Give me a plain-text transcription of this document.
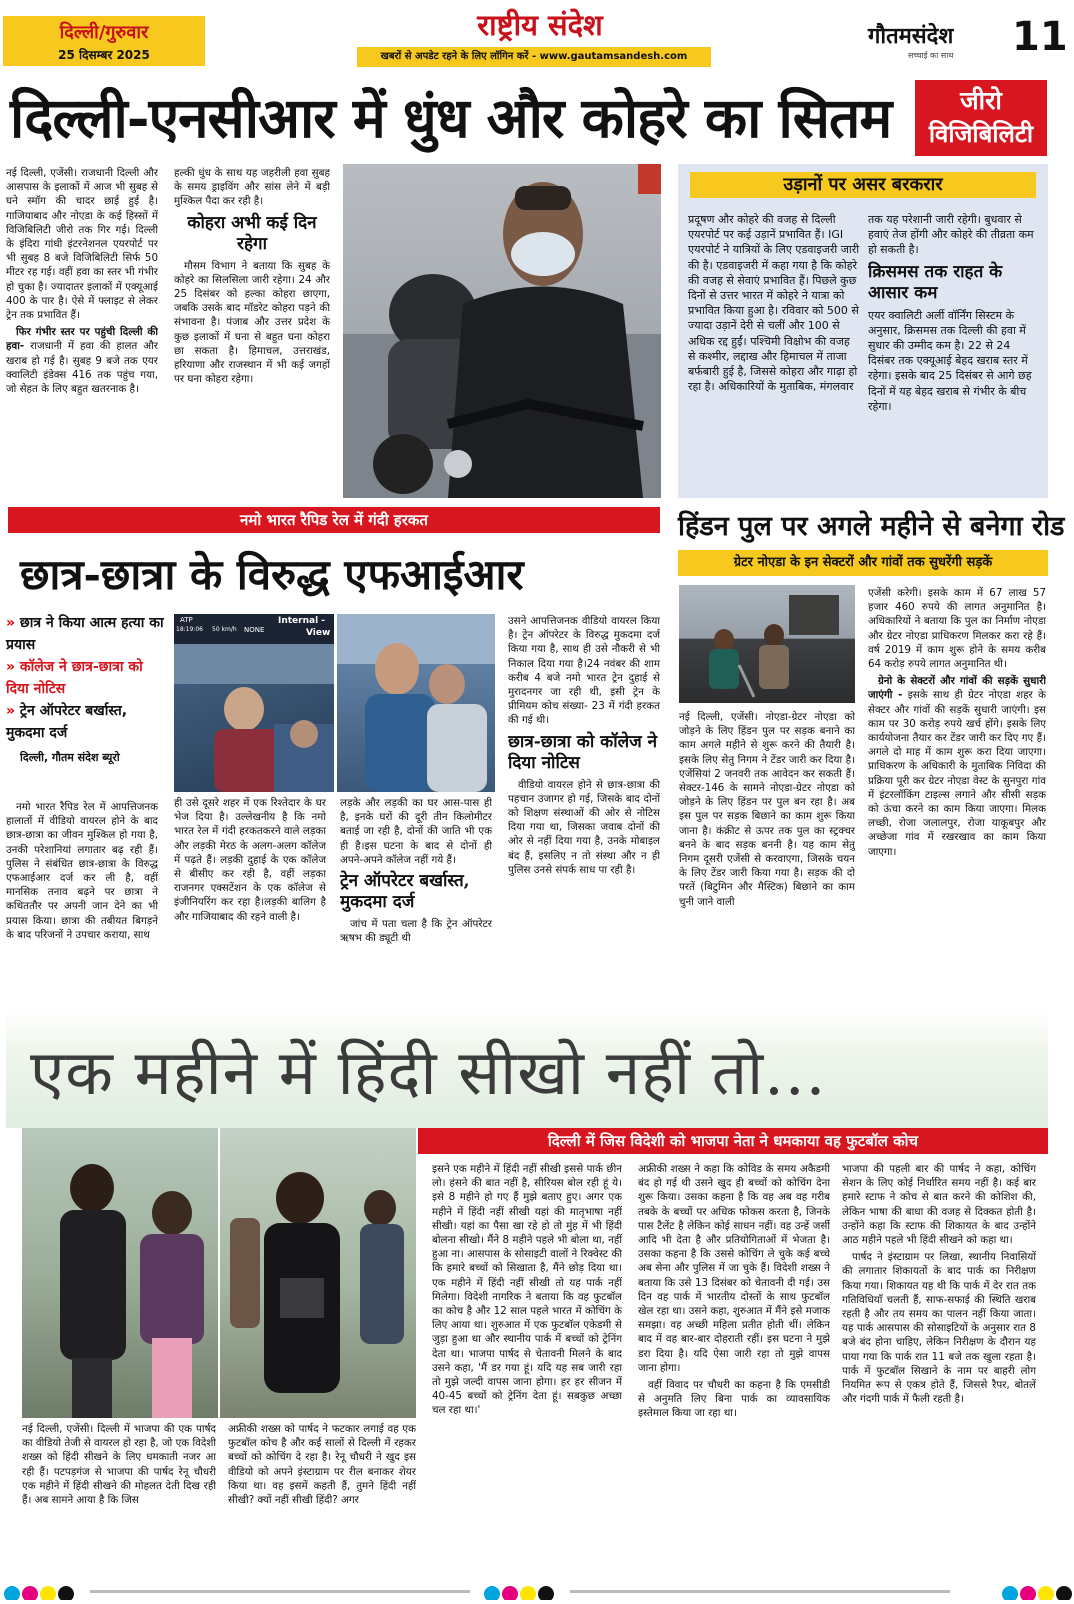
दिल्ली/गुरुवार
25 दिसम्बर 2025
राष्ट्रीय संदेश
खबरों से अपडेट रहने के लिए लॉगिन करें - www.gautamsandesh.com
गौतमसंदेश
सच्चाई का साथ	11
दिल्ली-एनसीआर में धुंध और कोहरे का सितम	जीरो
विजिबिलिटी

नई दिल्ली, एजेंसी। राजधानी दिल्ली और आसपास के इलाकों में आज भी सुबह से घने स्मॉग की चादर छाई हुई है। गाजियाबाद और नोएडा के कई हिस्सों में विजिबिलिटी जीरो तक गिर गई। दिल्ली के इंदिरा गांधी इंटरनेशनल एयरपोर्ट पर भी सुबह 8 बजे विजिबिलिटी सिर्फ 50 मीटर रह गई। वहीं हवा का स्तर भी गंभीर हो चुका है। ज्यादातर इलाकों में एक्यूआई 400 के पार है। ऐसे में फ्लाइट से लेकर ट्रेन तक प्रभावित हैं।

फिर गंभीर स्तर पर पहुंची दिल्ली की हवा- राजधानी में हवा की हालत और खराब हो गई है। सुबह 9 बजे तक एयर क्वालिटी इंडेक्स 416 तक पहुंच गया, जो सेहत के लिए बहुत खतरनाक है।

हल्की धुंध के साथ यह जहरीली हवा सुबह के समय ड्राइविंग और सांस लेने में बड़ी मुश्किल पैदा कर रही है।

कोहरा अभी कई दिन रहेगा

मौसम विभाग ने बताया कि सुबह के कोहरे का सिलसिला जारी रहेगा। 24 और 25 दिसंबर को हल्का कोहरा छाएगा, जबकि उसके बाद मॉडरेट कोहरा पड़ने की संभावना है। पंजाब और उत्तर प्रदेश के कुछ इलाकों में घना से बहुत घना कोहरा छा सकता है। हिमाचल, उत्तराखंड, हरियाणा और राजस्थान में भी कई जगहों पर घना कोहरा रहेगा।

उड़ानों पर असर बरकरार

प्रदूषण और कोहरे की वजह से दिल्ली एयरपोर्ट पर कई उड़ानें प्रभावित हैं। IGI एयरपोर्ट ने यात्रियों के लिए एडवाइजरी जारी की है। एडवाइजरी में कहा गया है कि कोहरे की वजह से सेवाएं प्रभावित हैं। पिछले कुछ दिनों से उत्तर भारत में कोहरे ने यात्रा को प्रभावित किया हुआ है। रविवार को 500 से ज्यादा उड़ानें देरी से चलीं और 100 से अधिक रद्द हुईं। पश्चिमी विक्षोभ की वजह से कश्मीर, लद्दाख और हिमाचल में ताजा बर्फबारी हुई है, जिससे कोहरा और गाढ़ा हो रहा है। अधिकारियों के मुताबिक, मंगलवार

तक यह परेशानी जारी रहेगी। बुधवार से हवाएं तेज होंगी और कोहरे की तीव्रता कम हो सकती है।

क्रिसमस तक राहत के आसार कम

एयर क्वालिटी अर्ली वॉर्निंग सिस्टम के अनुसार, क्रिसमस तक दिल्ली की हवा में सुधार की उम्मीद कम है। 22 से 24 दिसंबर तक एक्यूआई बेहद खराब स्तर में रहेगा। इसके बाद 25 दिसंबर से आगे छह दिनों में यह बेहद खराब से गंभीर के बीच रहेगा।

नमो भारत रैपिड रेल में गंदी हरकत
छात्र-छात्रा के विरुद्ध एफआईआर
» छात्र ने किया आत्म हत्या का प्रयास
» कॉलेज ने छात्र-छात्रा को दिया नोटिस
» ट्रेन ऑपरेटर बर्खास्त, मुकदमा दर्ज
दिल्ली, गौतम संदेश ब्यूरो
ATP
18:19:06 50 km/h NONE
Internal -
View

नमो भारत रैपिड रेल में आपत्तिजनक हालातों में वीडियो वायरल होने के बाद छात्र-छात्रा का जीवन मुश्किल हो गया है, उनकी परेशानियां लगातार बढ़ रही हैं।पुलिस ने संबंधित छात्र-छात्रा के विरुद्ध एफआईआर दर्ज कर ली है, वहीं मानसिक तनाव बढ़ने पर छात्रा ने कथिततौर पर अपनी जान देने का भी प्रयास किया। छात्रा की तबीयत बिगड़ने के बाद परिजनों ने उपचार कराया, साथ

ही उसे दूसरे शहर में एक रिश्तेदार के घर भेज दिया है। उल्लेखनीय है कि नमो भारत रेल में गंदी हरकतकरने वाले लड़का और लड़की मेरठ के अलग-अलग कॉलेज में पढ़ते हैं। लड़की दुहाई के एक कॉलेज से बीसीए कर रही है, वहीं लड़का राजनगर एक्सटेंशन के एक कॉलेज से इंजीनियरिंग कर रहा है।लड़की बालिग है और गाजियाबाद की रहने वाली है।

लड़के और लड़की का घर आस-पास ही है, इनके घरों की दूरी तीन किलोमीटर बताई जा रही है, दोनों की जाति भी एक ही है।इस घटना के बाद से दोनों ही अपने-अपने कॉलेज नहीं गये हैं।

ट्रेन ऑपरेटर बर्खास्त, मुकदमा दर्ज

जांच में पता चला है कि ट्रेन ऑपरेटर ऋषभ की ड्यूटी थी

उसने आपत्तिजनक वीडियो वायरल किया है। ट्रेन ऑपरेटर के विरुद्ध मुकदमा दर्ज किया गया है, साथ ही उसे नौकरी से भी निकाल दिया गया है।24 नवंबर की शाम करीब 4 बजे नमो भारत ट्रेन दुहाई से मुरादनगर जा रही थी, इसी ट्रेन के प्रीमियम कोच संख्या- 23 में गंदी हरकत की गई थी।

छात्र-छात्रा को कॉलेज ने दिया नोटिस

वीडियो वायरल होने से छात्र-छात्रा की पहचान उजागर हो गई, जिसके बाद दोनों को शिक्षण संस्थाओं की ओर से नोटिस दिया गया था, जिसका जवाब दोनों की ओर से नहीं दिया गया है, उनके मोबाइल बंद हैं, इसलिए न तो संस्था और न ही पुलिस उनसे संपर्क साध पा रही है।

हिंडन पुल पर अगले महीने से बनेगा रोड
ग्रेटर नोएडा के इन सेक्टरों और गांवों तक सुधरेंगी सड़कें

नई दिल्ली, एजेंसी। नोएडा-ग्रेटर नोएडा को जोड़ने के लिए हिंडन पुल पर सड़क बनाने का काम अगले महीने से शुरू करने की तैयारी है। इसके लिए सेतु निगम ने टेंडर जारी कर दिया है। एजेंसियां 2 जनवरी तक आवेदन कर सकती हैं। सेक्टर-146 के सामने नोएडा-ग्रेटर नोएडा को जोड़ने के लिए हिंडन पर पुल बन रहा है। अब इस पुल पर सड़क बिछाने का काम शुरू किया जाना है। कंक्रीट से ऊपर तक पुल का स्ट्रक्चर बनने के बाद सड़क बननी है। यह काम सेतु निगम दूसरी एजेंसी से करवाएगा, जिसके चयन के लिए टेंडर जारी किया गया है। सड़क की दो परतें (बिटुमिन और मैस्टिक) बिछाने का काम चुनी जाने वाली

एजेंसी करेगी। इसके काम में 67 लाख 57 हजार 460 रुपये की लागत अनुमानित है। अधिकारियों ने बताया कि पुल का निर्माण नोएडा और ग्रेटर नोएडा प्राधिकरण मिलकर करा रहे हैं। वर्ष 2019 में काम शुरू होने के समय करीब 64 करोड़ रुपये लागत अनुमानित थी।

ग्रेनो के सेक्टरों और गांवों की सड़कें सुधारी जाएंगी - इसके साथ ही ग्रेटर नोएडा शहर के सेक्टर और गांवों की सड़कें सुधारी जाएंगी। इस काम पर 30 करोड़ रुपये खर्च होंगे। इसके लिए कार्ययोजना तैयार कर टेंडर जारी कर दिए गए हैं। अगले दो माह में काम शुरू करा दिया जाएगा। प्राधिकरण के अधिकारी के मुताबिक निविदा की प्रक्रिया पूरी कर ग्रेटर नोएडा वेस्ट के सुनपुरा गांव में इंटरलॉकिंग टाइल्स लगाने और सीसी सड़क को ऊंचा करने का काम किया जाएगा। मिलक लच्छी, रोजा जलालपुर, रोजा याकूबपुर और अच्छेजा गांव में रखरखाव का काम किया जाएगा।

एक महीने में हिंदी सीखो नहीं तो...
दिल्ली में जिस विदेशी को भाजपा नेता ने धमकाया वह फुटबॉल कोच

नई दिल्ली, एजेंसी। दिल्ली में भाजपा की एक पार्षद का वीडियो तेजी से वायरल हो रहा है, जो एक विदेशी शख्स को हिंदी सीखने के लिए धमकाती नजर आ रही हैं। पटपड़गंज से भाजपा की पार्षद रेनू चौधरी एक महीने में हिंदी सीखने की मोहलत देती दिख रही हैं। अब सामने आया है कि जिस

अफ्रीकी शख्स को पार्षद ने फटकार लगाई वह एक फुटबॉल कोच है और कई सालों से दिल्ली में रहकर बच्चों को कोचिंग दे रहा है। रेनू चौधरी ने खुद इस वीडियो को अपने इंस्टाग्राम पर रील बनाकर शेयर किया था। वह इसमें कहती हैं, तुमने हिंदी नहीं सीखी? क्यों नहीं सीखी हिंदी? अगर

इसने एक महीने में हिंदी नहीं सीखी इससे पार्क छीन लो। हंसने की बात नहीं है, सीरियस बोल रही हूं ये। इसे 8 महीने हो गए हैं मुझे बताए हुए। अगर एक महीने में हिंदी नहीं सीखी यहां की मातृभाषा नहीं सीखी। यहां का पैसा खा रहे हो तो मुंह में भी हिंदी बोलना सीखो। मैंने 8 महीने पहले भी बोला था, नहीं हुआ ना। आसपास के सोसाइटी वालों ने रिक्वेस्ट की कि हमारे बच्चों को सिखाता है, मैंने छोड़ दिया था। एक महीने में हिंदी नहीं सीखी तो यह पार्क नहीं मिलेगा। विदेशी नागरिक ने बताया कि वह फुटबॉल का कोच है और 12 साल पहले भारत में कोचिंग के लिए आया था। शुरुआत में एक फुटबॉल एकेडमी से जुड़ा हुआ था और स्थानीय पार्क में बच्चों को ट्रेनिंग देता था। भाजपा पार्षद से चेतावनी मिलने के बाद उसने कहा, 'मैं डर गया हूं। यदि यह सब जारी रहा तो मुझे जल्दी वापस जाना होगा। हर हर सीजन में 40-45 बच्चों को ट्रेनिंग देता हूं। सबकुछ अच्छा चल रहा था।'

अफ्रीकी शख्स ने कहा कि कोविड के समय अकैडमी बंद हो गई थी उसने खुद ही बच्चों को कोचिंग देना शुरू किया। उसका कहना है कि वह अब वह गरीब तबके के बच्चों पर अधिक फोकस करता है, जिनके पास टैलेंट है लेकिन कोई साधन नहीं। वह उन्हें जर्सी आदि भी देता है और प्रतियोगिताओं में भेजता है। उसका कहना है कि उससे कोचिंग ले चुके कई बच्चे अब सेना और पुलिस में जा चुके हैं। विदेशी शख्स ने बताया कि उसे 13 दिसंबर को चेतावनी दी गई। उस दिन वह पार्क में भारतीय दोस्तों के साथ फुटबॉल खेल रहा था। उसने कहा, शुरुआत में मैंने इसे मजाक समझा। वह अच्छी महिला प्रतीत होती थीं। लेकिन बाद में वह बार-बार दोहराती रहीं। इस घटना ने मुझे डरा दिया है। यदि ऐसा जारी रहा तो मुझे वापस जाना होगा।

वहीं विवाद पर चौधरी का कहना है कि एमसीडी से अनुमति लिए बिना पार्क का व्यावसायिक इस्तेमाल किया जा रहा था।

भाजपा की पहली बार की पार्षद ने कहा, कोचिंग सेशन के लिए कोई निर्धारित समय नहीं है। कई बार हमारे स्टाफ ने कोच से बात करने की कोशिश की, लेकिन भाषा की बाधा की वजह से दिक्कत होती है। उन्होंने कहा कि स्टाफ की शिकायत के बाद उन्होंने आठ महीने पहले भी हिंदी सीखने को कहा था।

पार्षद ने इंस्टाग्राम पर लिखा, स्थानीय निवासियों की लगातार शिकायतों के बाद पार्क का निरीक्षण किया गया। शिकायत यह थी कि पार्क में देर रात तक गतिविधियाँ चलती हैं, साफ-सफाई की स्थिति खराब रहती है और तय समय का पालन नहीं किया जाता। यह पार्क आसपास की सोसाइटियों के अनुसार रात 8 बजे बंद होना चाहिए, लेकिन निरीक्षण के दौरान यह पाया गया कि पार्क रात 11 बजे तक खुला रहता है। पार्क में फुटबॉल सिखाने के नाम पर बाहरी लोग नियमित रूप से एकत्र होते हैं, जिससे रैपर, बोतलें और गंदगी पार्क में फैली रहती है।
